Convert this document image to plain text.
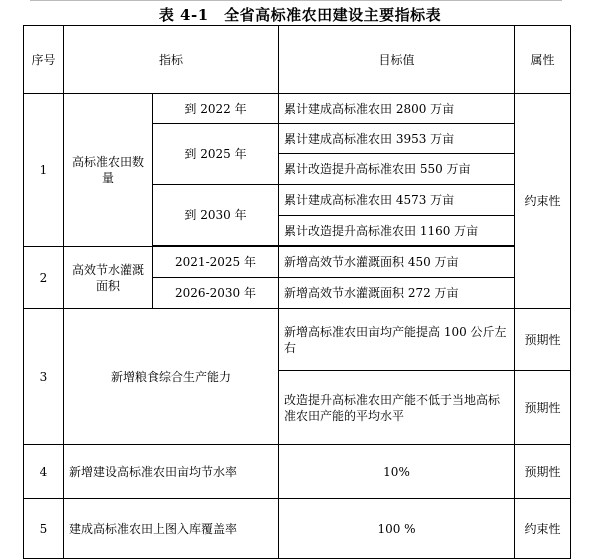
表 4-1　全省高标准农田建设主要指标表
序号	指标		目标值	属性
1	高标准农田数量	到 2022 年	累计建成高标准农田 2800 万亩	约束性
		到 2025 年	累计建成高标准农田 3953 万亩	
			累计改造提升高标准农田 550 万亩	
		到 2030 年	累计建成高标准农田 4573 万亩	
			累计改造提升高标准农田 1160 万亩	

2	高效节水灌溉面积	2021-2025 年	新增高效节水灌溉面积 450 万亩	
		2026-2030 年	新增高效节水灌溉面积 272 万亩	
3	新增粮食综合生产能力		新增高标准农田亩均产能提高 100 公斤左右	预期性
			改造提升高标准农田产能不低于当地高标准农田产能的平均水平	预期性
4	新增建设高标准农田亩均节水率		10%	预期性
5	建成高标准农田上图入库覆盖率		100 %	约束性
